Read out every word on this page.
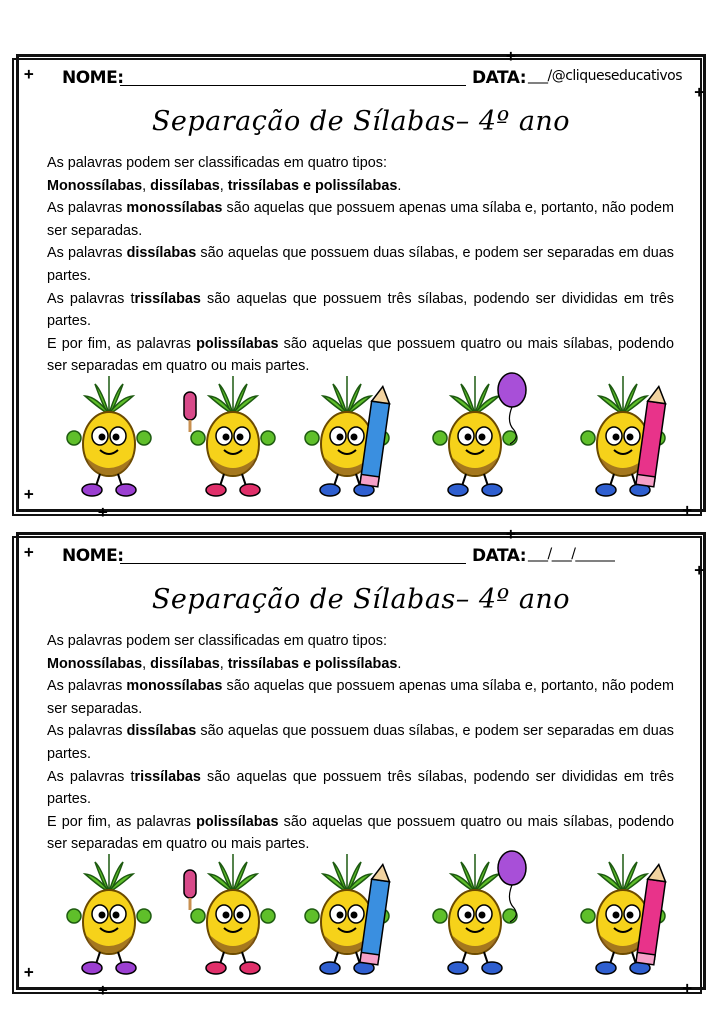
+
+
+
+
+	+
NOME:	DATA: ___/@cliqueseducativos
Separação de Sílabas– 4º ano

As palavras podem ser classificadas em quatro tipos:

Monossílabas, dissílabas, trissílabas e polissílabas.

As palavras monossílabas são aquelas que possuem apenas uma sílaba e, portanto, não podem ser separadas.

As palavras dissílabas são aquelas que possuem duas sílabas, e podem ser separadas em duas partes.

As palavras trissílabas são aquelas que possuem três sílabas, podendo ser divididas em três partes.

E por fim, as palavras polissílabas são aquelas que possuem quatro ou mais sílabas, podendo ser separadas em quatro ou mais partes.

+
+
+
+
+	+
NOME:	DATA: ___/___/______
Separação de Sílabas– 4º ano

As palavras podem ser classificadas em quatro tipos:

Monossílabas, dissílabas, trissílabas e polissílabas.

As palavras monossílabas são aquelas que possuem apenas uma sílaba e, portanto, não podem ser separadas.

As palavras dissílabas são aquelas que possuem duas sílabas, e podem ser separadas em duas partes.

As palavras trissílabas são aquelas que possuem três sílabas, podendo ser divididas em três partes.

E por fim, as palavras polissílabas são aquelas que possuem quatro ou mais sílabas, podendo ser separadas em quatro ou mais partes.
